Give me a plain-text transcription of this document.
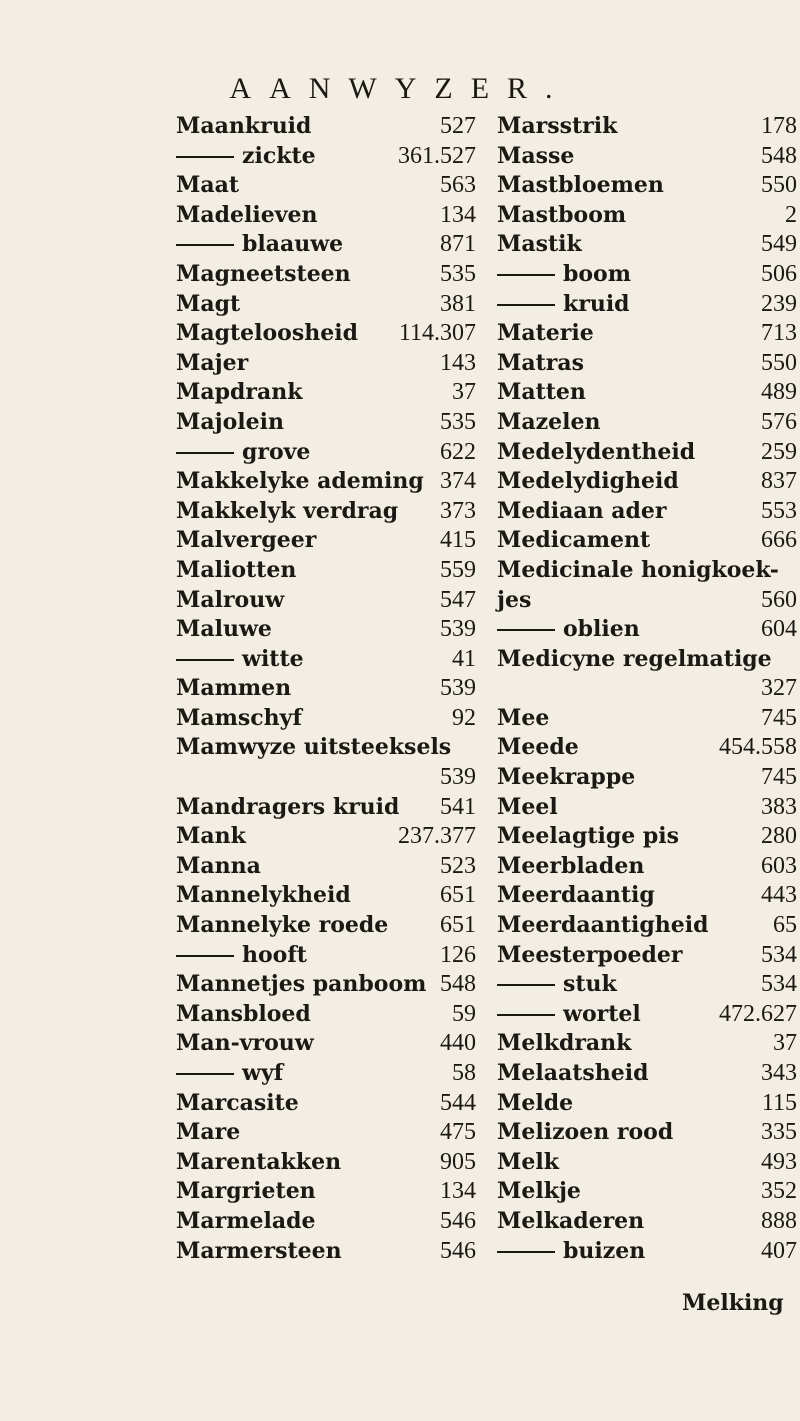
AANWYZER.
Maankruid	527
zickte	361.527
Maat	563
Madelieven	134
blaauwe	871
Magneetsteen	535
Magt	381
Magteloosheid 114.307
Majer	143
Mapdrank	37
Majolein	535
grove	622
Makkelyke ademing 374
Makkelyk verdrag 373
Malvergeer	415
Maliotten	559
Malrouw	547
Maluwe	539
witte	41
Mammen	539
Mamschyf	92
Mamwyze uitsteeksels
539
Mandragers kruid 541
Mank	237.377
Manna	523
Mannelykheid	651
Mannelyke roede 651
hooft	126
Mannetjes panboom 548
Mansbloed	59
Man-vrouw	440
wyf	58
Marcasite	544
Mare	475
Marentakken	905
Margrieten	134
Marmelade	546
Marmersteen	546
Marsstrik	178
Masse	548
Mastbloemen	550
Mastboom	2
Mastik	549
boom	506
kruid	239
Materie	713
Matras	550
Matten	489
Mazelen	576
Medelydentheid	259
Medelydigheid	837
Mediaan ader	553
Medicament	666
Medicinale honigkoek-
jes	560
oblien	604
Medicyne regelmatige
327
Mee	745
Meede	454.558
Meekrappe	745
Meel	383
Meelagtige pis	280
Meerbladen	603
Meerdaantig	443
Meerdaantigheid	65
Meesterpoeder	534
stuk	534
wortel	472.627
Melkdrank	37
Melaatsheid	343
Melde	115
Melizoen rood	335
Melk	493
Melkje	352
Melkaderen	888
buizen	407
Melking
